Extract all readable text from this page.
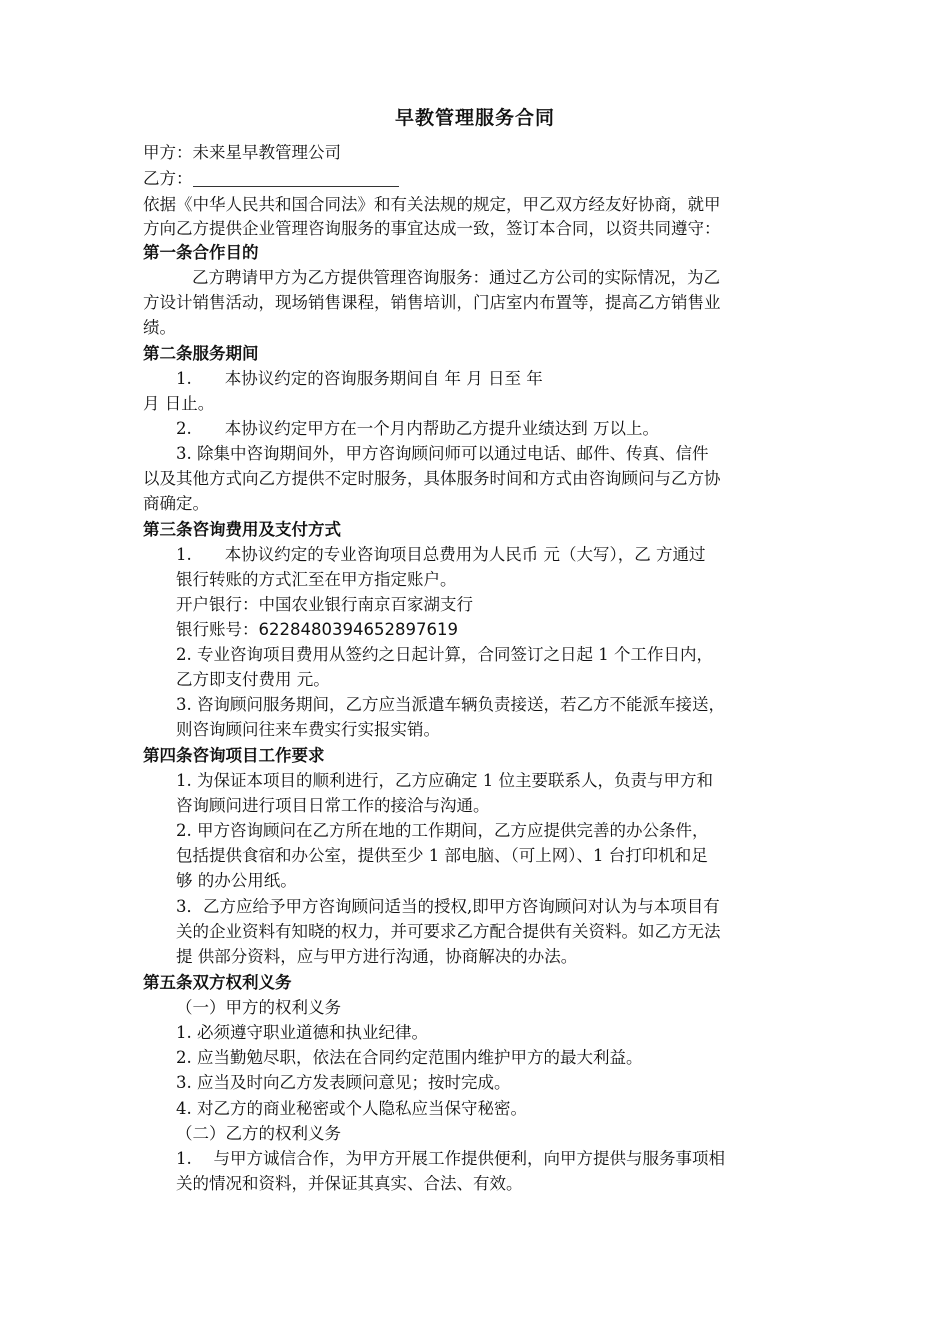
早教管理服务合同
甲方：未来星早教管理公司
乙方：
依据《中华人民共和国合同法》和有关法规的规定，甲乙双方经友好协商，就甲
方向乙方提供企业管理咨询服务的事宜达成一致，签订本合同，以资共同遵守：
第一条合作目的
乙方聘请甲方为乙方提供管理咨询服务：通过乙方公司的实际情况，为乙
方设计销售活动，现场销售课程，销售培训，门店室内布置等，提高乙方销售业
绩。
第二条服务期间
1.　　本协议约定的咨询服务期间自 年 月 日至 年
月 日止。
2.　　本协议约定甲方在一个月内帮助乙方提升业绩达到 万以上。
3. 除集中咨询期间外，甲方咨询顾问师可以通过电话、邮件、传真、信件
以及其他方式向乙方提供不定时服务，具体服务时间和方式由咨询顾问与乙方协
商确定。
第三条咨询费用及支付方式
1.　　本协议约定的专业咨询项目总费用为人民币 元（大写），乙 方通过
银行转账的方式汇至在甲方指定账户。
开户银行：中国农业银行南京百家湖支行
银行账号：6228480394652897619
2. 专业咨询项目费用从签约之日起计算，合同签订之日起 1 个工作日内，
乙方即支付费用 元。
3. 咨询顾问服务期间，乙方应当派遣车辆负责接送，若乙方不能派车接送，
则咨询顾问往来车费实行实报实销。
第四条咨询项目工作要求
1. 为保证本项目的顺利进行，乙方应确定 1 位主要联系人，负责与甲方和
咨询顾问进行项目日常工作的接洽与沟通。
2. 甲方咨询顾问在乙方所在地的工作期间，乙方应提供完善的办公条件，
包括提供食宿和办公室，提供至少 1 部电脑、（可上网）、1 台打印机和足
够 的办公用纸。
3．乙方应给予甲方咨询顾问适当的授权,即甲方咨询顾问对认为与本项目有
关的企业资料有知晓的权力，并可要求乙方配合提供有关资料。如乙方无法
提 供部分资料，应与甲方进行沟通，协商解决的办法。
第五条双方权利义务
（一）甲方的权利义务
1. 必须遵守职业道德和执业纪律。
2. 应当勤勉尽职，依法在合同约定范围内维护甲方的最大利益。
3. 应当及时向乙方发表顾问意见；按时完成。
4. 对乙方的商业秘密或个人隐私应当保守秘密。
（二）乙方的权利义务
1.　 与甲方诚信合作，为甲方开展工作提供便利，向甲方提供与服务事项相
关的情况和资料，并保证其真实、合法、有效。
